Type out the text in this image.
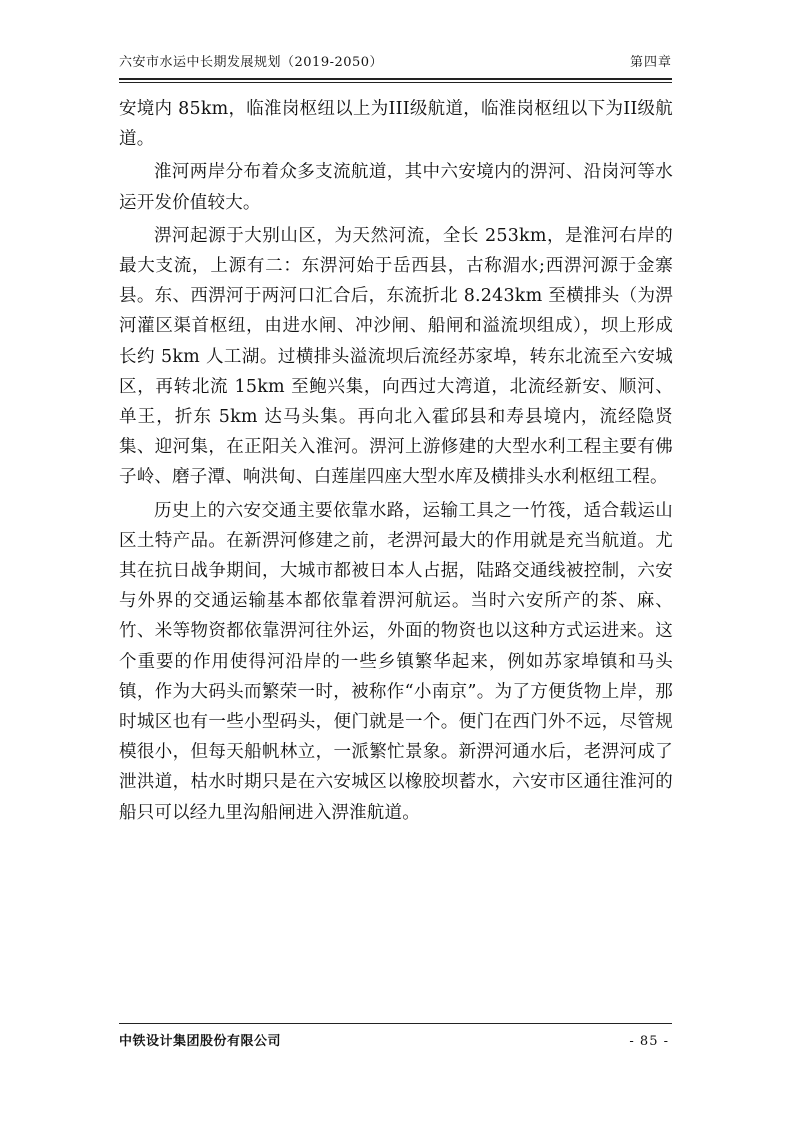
六安市水运中长期发展规划（2019-2050）	第四章

安境内 85km，临淮岗枢纽以上为III级航道，临淮岗枢纽以下为II级航道。

淮河两岸分布着众多支流航道，其中六安境内的淠河、沿岗河等水运开发价值较大。

淠河起源于大别山区，为天然河流，全长 253km，是淮河右岸的最大支流，上源有二：东淠河始于岳西县，古称湄水;西淠河源于金寨县。东、西淠河于两河口汇合后，东流折北 8.243km 至横排头（为淠河灌区渠首枢纽，由进水闸、冲沙闸、船闸和溢流坝组成），坝上形成长约 5km 人工湖。过横排头溢流坝后流经苏家埠，转东北流至六安城区，再转北流 15km 至鲍兴集，向西过大湾道，北流经新安、顺河、单王，折东 5km 达马头集。再向北入霍邱县和寿县境内，流经隐贤集、迎河集，在正阳关入淮河。淠河上游修建的大型水利工程主要有佛子岭、磨子潭、响洪甸、白莲崖四座大型水库及横排头水利枢纽工程。

历史上的六安交通主要依靠水路，运输工具之一竹筏，适合载运山区土特产品。在新淠河修建之前，老淠河最大的作用就是充当航道。尤其在抗日战争期间，大城市都被日本人占据，陆路交通线被控制，六安与外界的交通运输基本都依靠着淠河航运。当时六安所产的茶、麻、竹、米等物资都依靠淠河往外运，外面的物资也以这种方式运进来。这个重要的作用使得河沿岸的一些乡镇繁华起来，例如苏家埠镇和马头镇，作为大码头而繁荣一时，被称作“小南京”。为了方便货物上岸，那时城区也有一些小型码头，便门就是一个。便门在西门外不远，尽管规模很小，但每天船帆林立，一派繁忙景象。新淠河通水后，老淠河成了泄洪道，枯水时期只是在六安城区以橡胶坝蓄水，六安市区通往淮河的船只可以经九里沟船闸进入淠淮航道。

中铁设计集团股份有限公司	- 85 -
